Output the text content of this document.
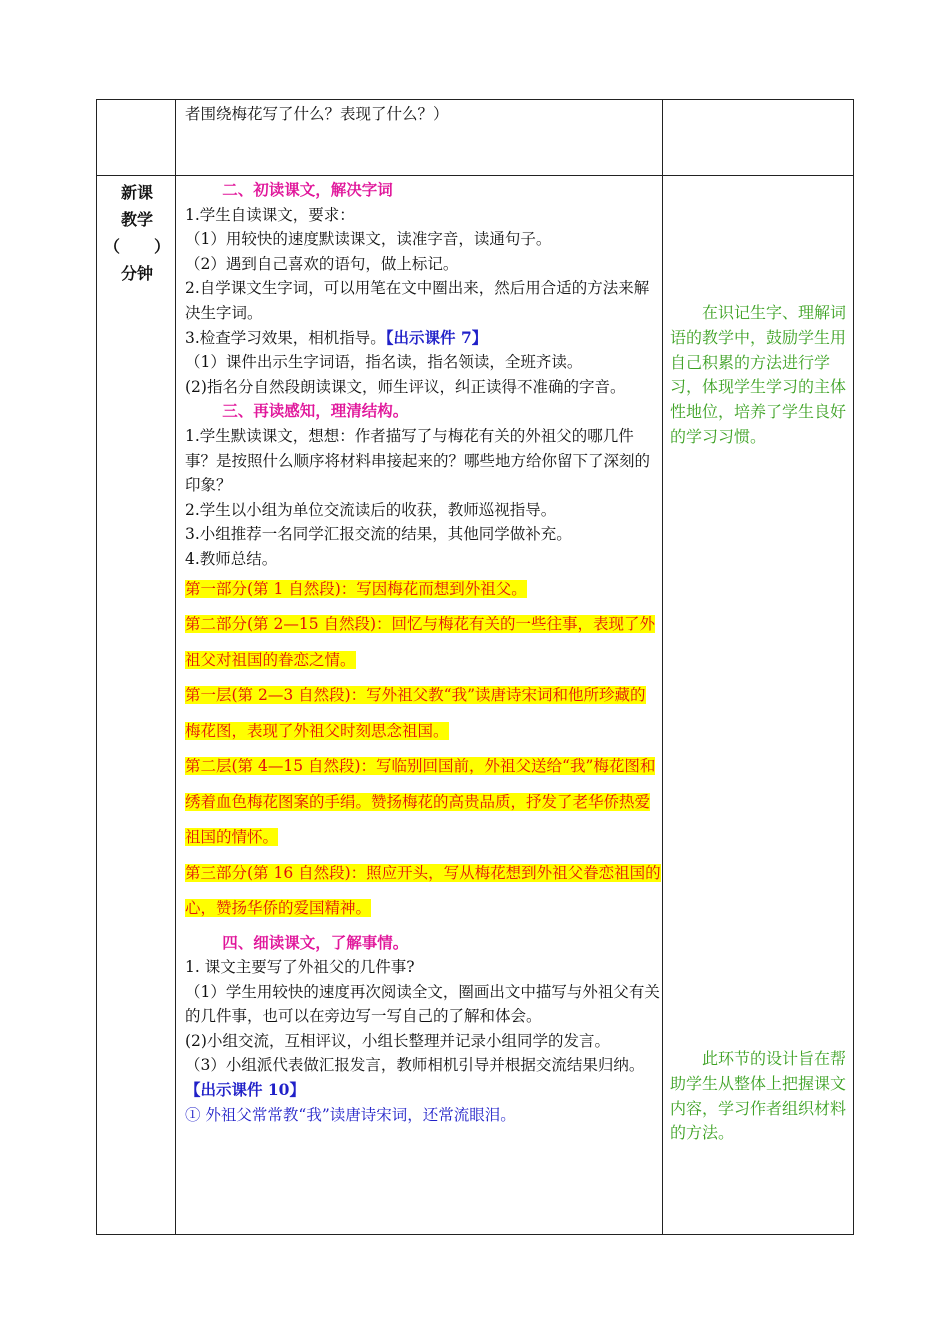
者围绕梅花写了什么？表现了什么？）

新课
教学
（ ）
分钟

二、初读课文，解决字词

1.学生自读课文，要求：

（1）用较快的速度默读课文，读准字音，读通句子。

（2）遇到自己喜欢的语句，做上标记。

2.自学课文生字词，可以用笔在文中圈出来，然后用合适的方法来解决生字词。

3.检查学习效果，相机指导。【出示课件 7】

（1）课件出示生字词语，指名读，指名领读，全班齐读。

(2)指名分自然段朗读课文，师生评议，纠正读得不准确的字音。

三、再读感知，理清结构。

1.学生默读课文，想想：作者描写了与梅花有关的外祖父的哪几件事？是按照什么顺序将材料串接起来的？哪些地方给你留下了深刻的印象？

2.学生以小组为单位交流读后的收获，教师巡视指导。

3.小组推荐一名同学汇报交流的结果，其他同学做补充。

4.教师总结。

第一部分(第 1 自然段)：写因梅花而想到外祖父。

第二部分(第 2—15 自然段)：回忆与梅花有关的一些往事，表现了外祖父对祖国的眷恋之情。

第一层(第 2—3 自然段)：写外祖父教“我”读唐诗宋词和他所珍藏的梅花图，表现了外祖父时刻思念祖国。

第二层(第 4—15 自然段)：写临别回国前，外祖父送给“我”梅花图和绣着血色梅花图案的手绢。赞扬梅花的高贵品质，抒发了老华侨热爱祖国的情怀。

第三部分(第 16 自然段)：照应开头，写从梅花想到外祖父眷恋祖国的心，赞扬华侨的爱国精神。

四、细读课文，了解事情。

1. 课文主要写了外祖父的几件事?

（1）学生用较快的速度再次阅读全文，圈画出文中描写与外祖父有关的几件事，也可以在旁边写一写自己的了解和体会。

(2)小组交流，互相评议，小组长整理并记录小组同学的发言。

（3）小组派代表做汇报发言，教师相机引导并根据交流结果归纳。

【出示课件 10】

① 外祖父常常教“我”读唐诗宋词，还常流眼泪。

在识记生字、理解词语的教学中，鼓励学生用自己积累的方法进行学习，体现学生学习的主体性地位，培养了学生良好的学习习惯。
此环节的设计旨在帮助学生从整体上把握课文内容，学习作者组织材料的方法。
